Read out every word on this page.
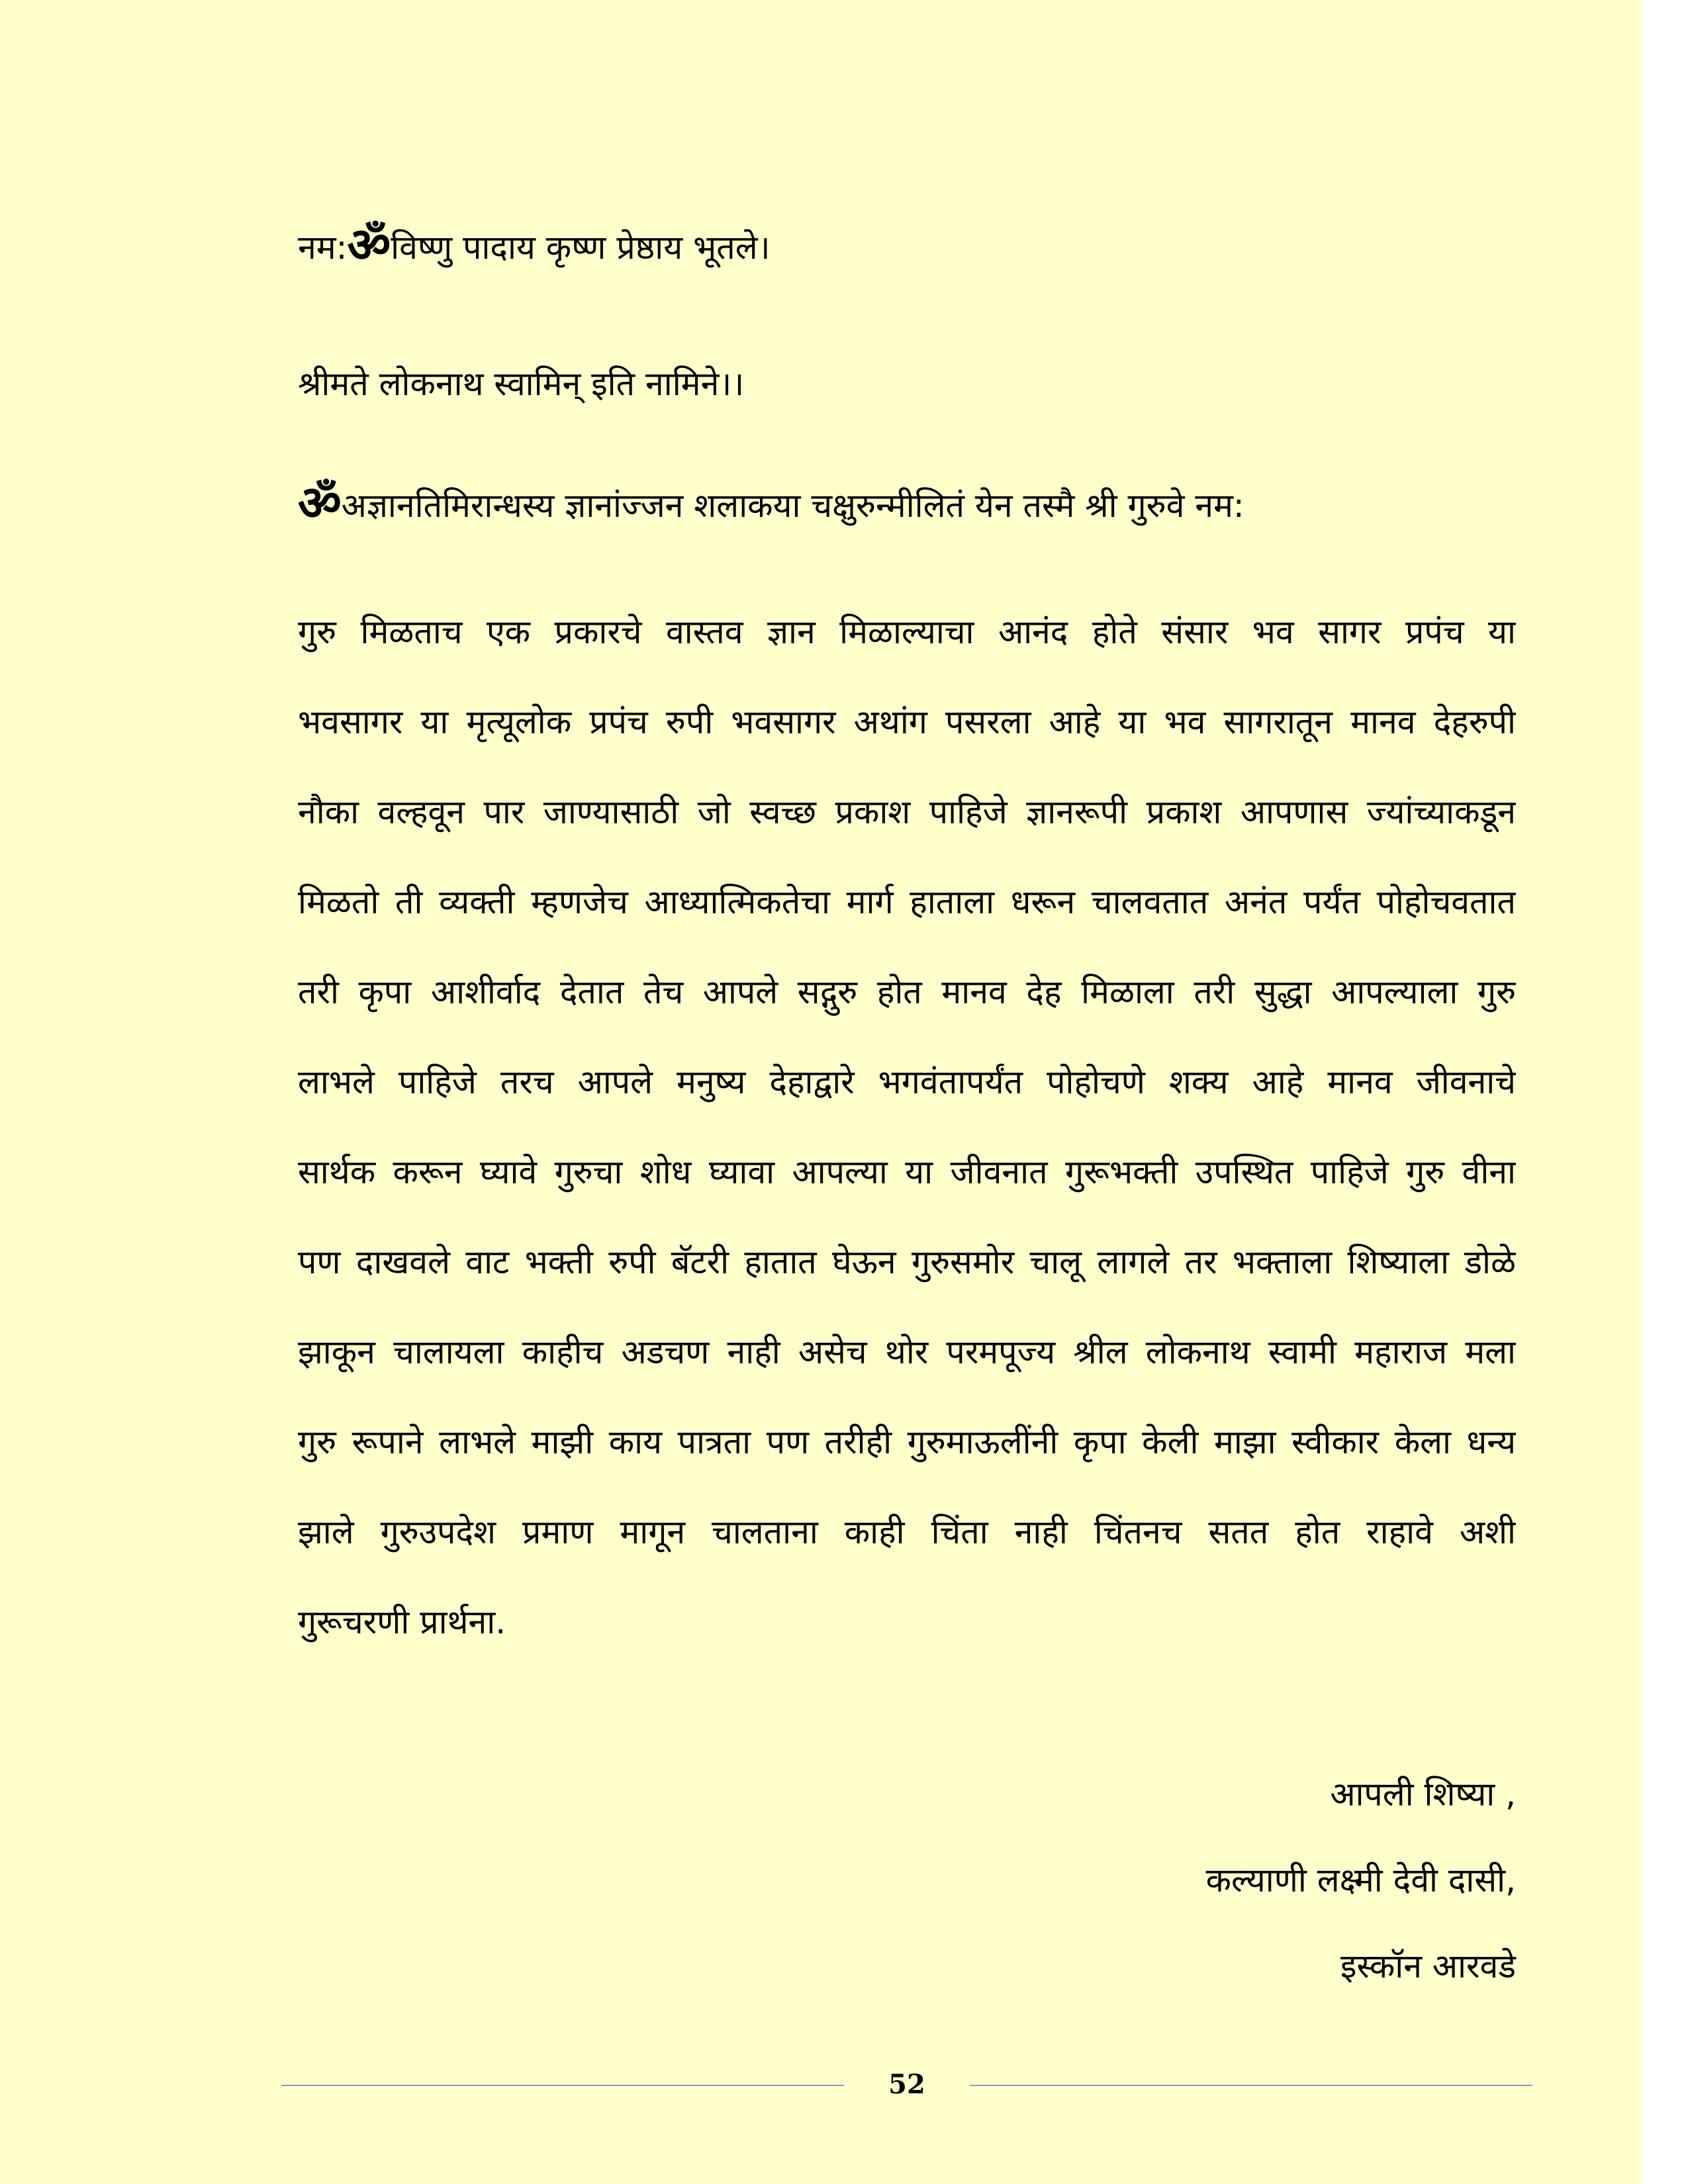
नम:ॐविष्णु पादाय कृष्ण प्रेष्ठाय भूतले।
श्रीमते लोकनाथ स्वामिन् इति नामिने।।
ॐअज्ञानतिमिरान्धस्य ज्ञानांज्जन शलाकया चक्षुरुन्मीलितं येन तस्मै श्री गुरुवे नम:
गुरु मिळताच एक प्रकारचे वास्तव ज्ञान मिळाल्याचा आनंद होते संसार भव सागर प्रपंच या
भवसागर या मृत्यूलोक प्रपंच रुपी भवसागर अथांग पसरला आहे या भव सागरातून मानव देहरुपी
नौका वल्हवून पार जाण्यासाठी जो स्वच्छ प्रकाश पाहिजे ज्ञानरूपी प्रकाश आपणास ज्यांच्याकडून
मिळतो ती व्यक्ती म्हणजेच आध्यात्मिकतेचा मार्ग हाताला धरून चालवतात अनंत पर्यंत पोहोचवतात
तरी कृपा आशीर्वाद देतात तेच आपले सद्गुरु होत मानव देह मिळाला तरी सुद्धा आपल्याला गुरु
लाभले पाहिजे तरच आपले मनुष्य देहाद्वारे भगवंतापर्यंत पोहोचणे शक्य आहे मानव जीवनाचे
सार्थक करून घ्यावे गुरुचा शोध घ्यावा आपल्या या जीवनात गुरूभक्ती उपस्थित पाहिजे गुरु वीना
पण दाखवले वाट भक्ती रुपी बॅटरी हातात घेऊन गुरुसमोर चालू लागले तर भक्ताला शिष्याला डोळे
झाकून चालायला काहीच अडचण नाही असेच थोर परमपूज्य श्रील लोकनाथ स्वामी महाराज मला
गुरु रूपाने लाभले माझी काय पात्रता पण तरीही गुरुमाऊलींनी कृपा केली माझा स्वीकार केला धन्य
झाले गुरुउपदेश प्रमाण मागून चालताना काही चिंता नाही चिंतनच सतत होत राहावे अशी
गुरूचरणी प्रार्थना.
आपली शिष्या ,
कल्याणी लक्ष्मी देवी दासी,
इस्कॉन आरवडे
52
